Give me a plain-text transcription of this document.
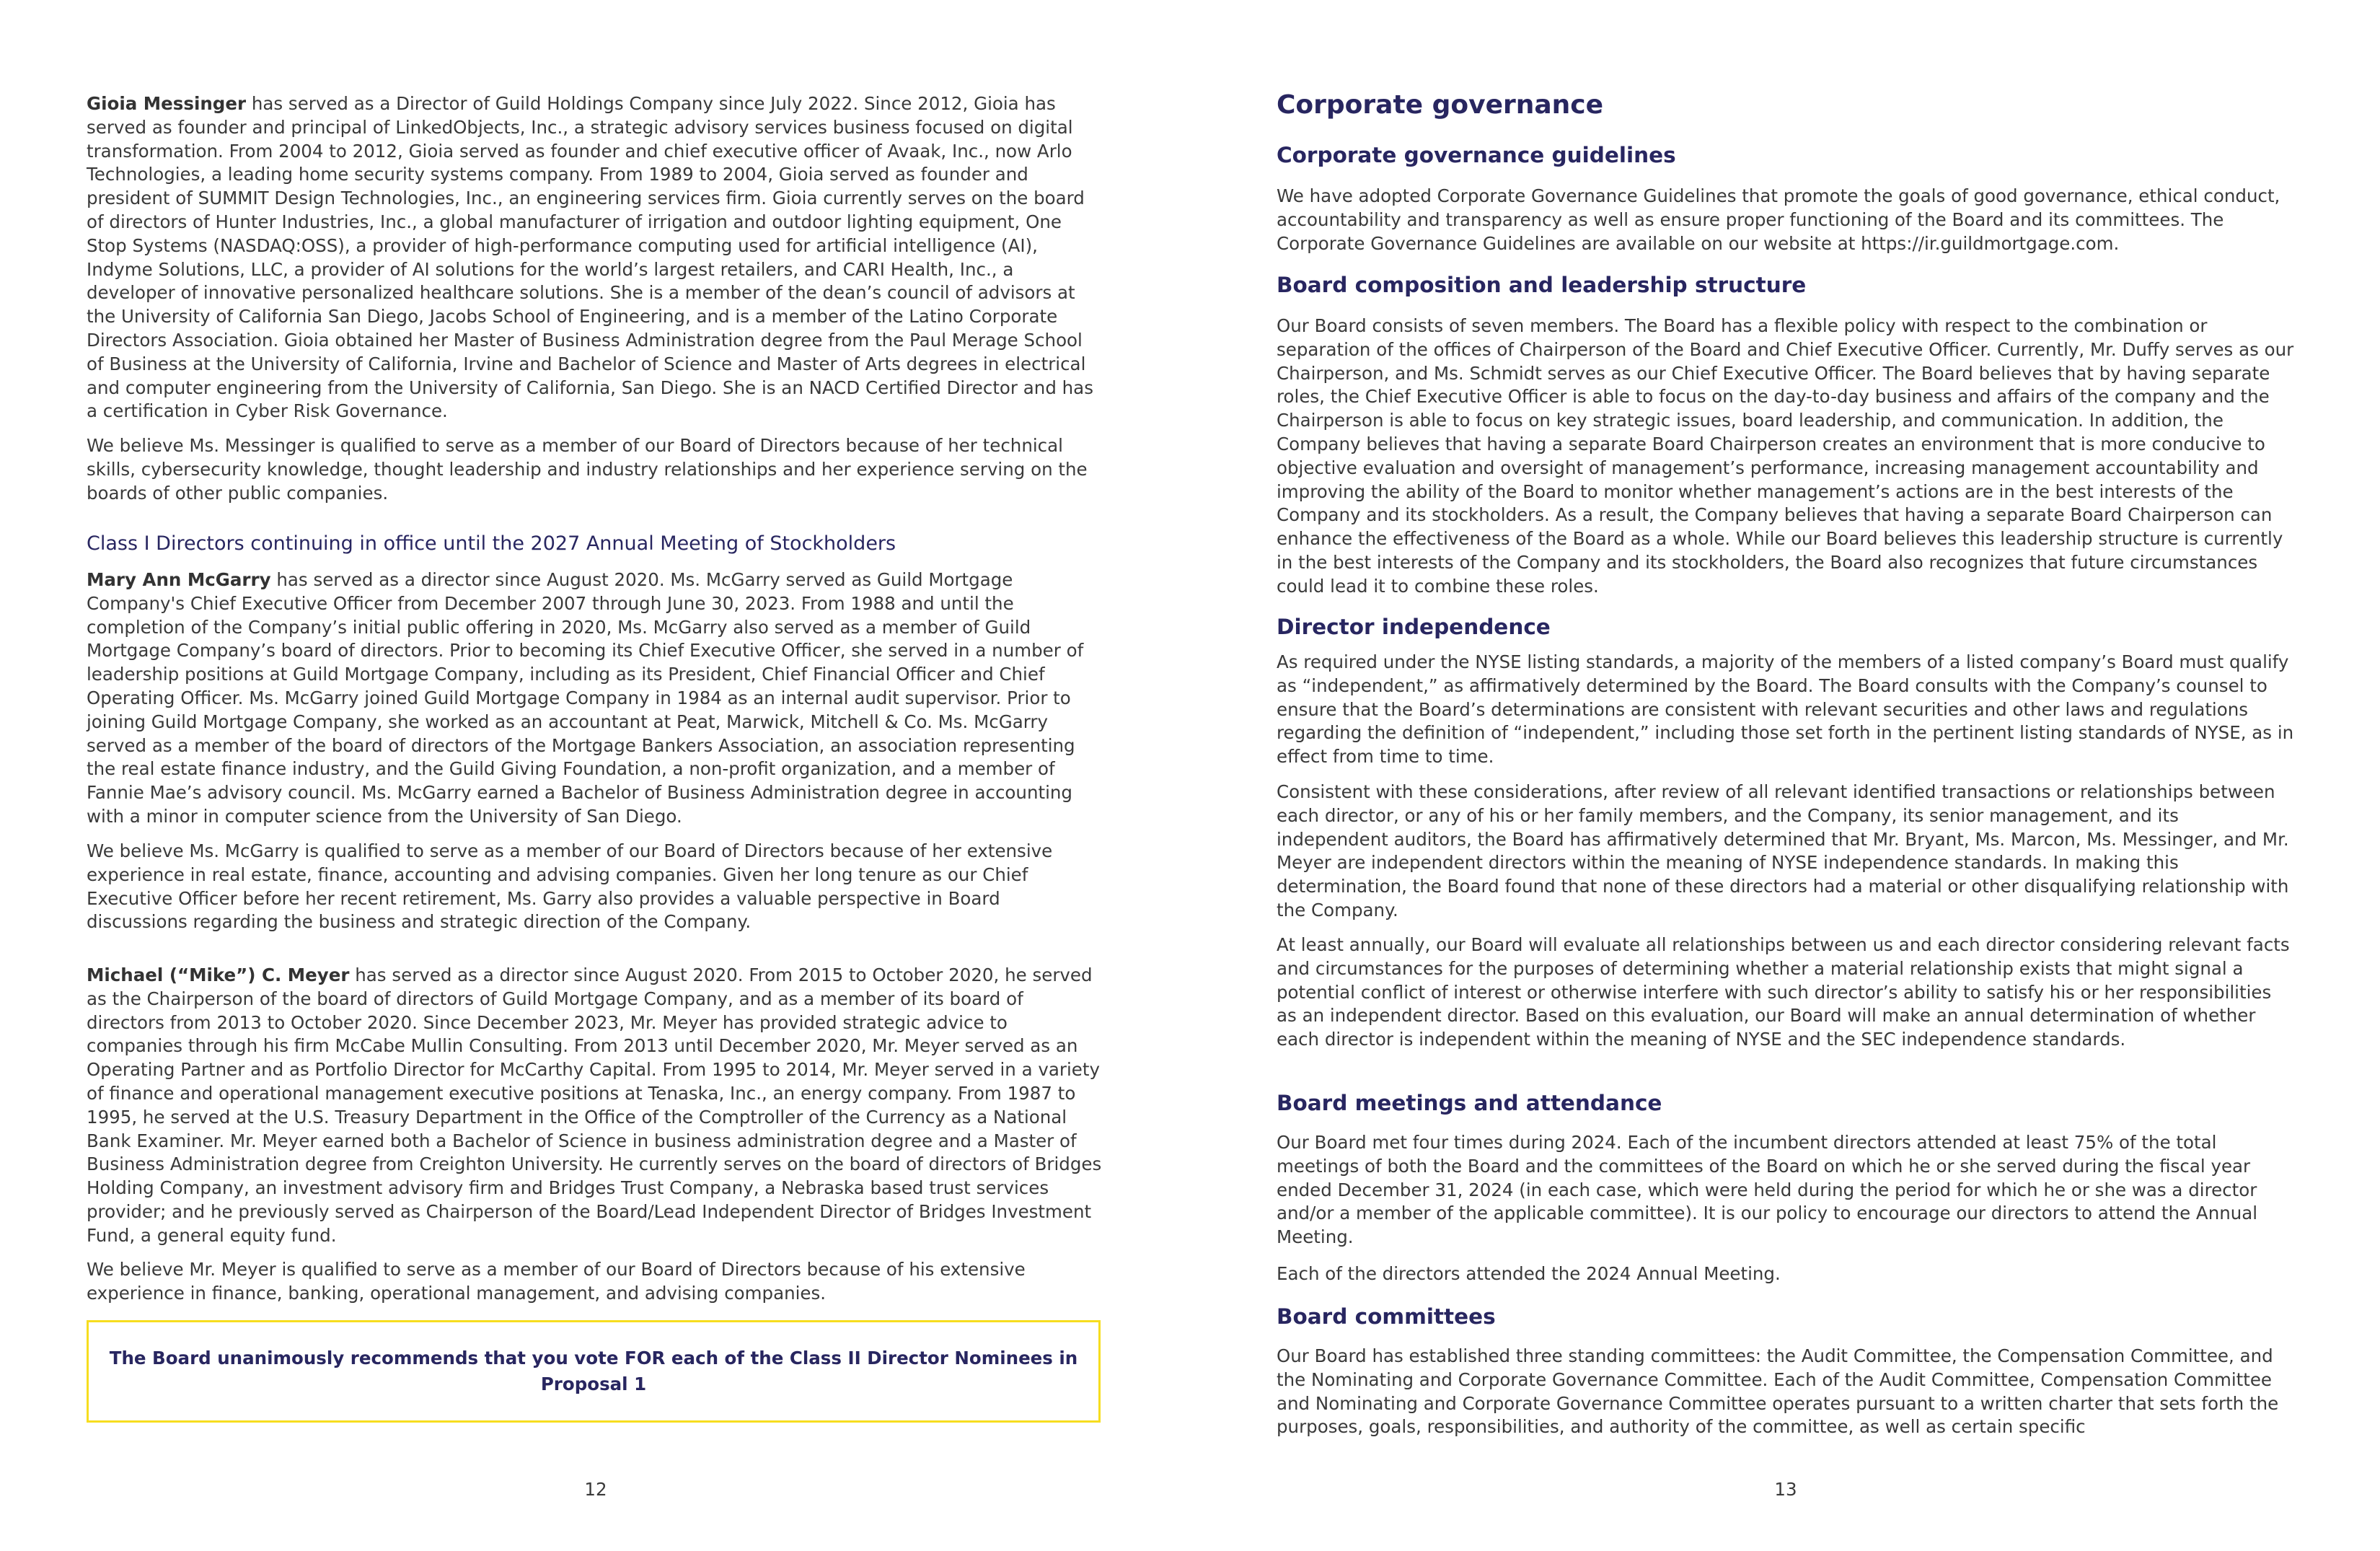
Gioia Messinger has served as a Director of Guild Holdings Company since July 2022. Since 2012, Gioia has served as founder and principal of LinkedObjects, Inc., a strategic advisory services business focused on digital transformation. From 2004 to 2012, Gioia served as founder and chief executive officer of Avaak, Inc., now Arlo Technologies, a leading home security systems company. From 1989 to 2004, Gioia served as founder and president of SUMMIT Design Technologies, Inc., an engineering services firm. Gioia currently serves on the board of directors of Hunter Industries, Inc., a global manufacturer of irrigation and outdoor lighting equipment, One Stop Systems (NASDAQ:OSS), a provider of high-performance computing used for artificial intelligence (AI), Indyme Solutions, LLC, a provider of AI solutions for the world’s largest retailers, and CARI Health, Inc., a developer of innovative personalized healthcare solutions. She is a member of the dean’s council of advisors at the University of California San Diego, Jacobs School of Engineering, and is a member of the Latino Corporate Directors Association. Gioia obtained her Master of Business Administration degree from the Paul Merage School of Business at the University of California, Irvine and Bachelor of Science and Master of Arts degrees in electrical and computer engineering from the University of California, San Diego. She is an NACD Certified Director and has a certification in Cyber Risk Governance.

We believe Ms. Messinger is qualified to serve as a member of our Board of Directors because of her technical skills, cybersecurity knowledge, thought leadership and industry relationships and her experience serving on the boards of other public companies.

Class I Directors continuing in office until the 2027 Annual Meeting of Stockholders

Mary Ann McGarry has served as a director since August 2020. Ms. McGarry served as Guild Mortgage Company's Chief Executive Officer from December 2007 through June 30, 2023. From 1988 and until the completion of the Company’s initial public offering in 2020, Ms. McGarry also served as a member of Guild Mortgage Company’s board of directors. Prior to becoming its Chief Executive Officer, she served in a number of leadership positions at Guild Mortgage Company, including as its President, Chief Financial Officer and Chief Operating Officer. Ms. McGarry joined Guild Mortgage Company in 1984 as an internal audit supervisor. Prior to joining Guild Mortgage Company, she worked as an accountant at Peat, Marwick, Mitchell & Co. Ms. McGarry served as a member of the board of directors of the Mortgage Bankers Association, an association representing the real estate finance industry, and the Guild Giving Foundation, a non-profit organization, and a member of Fannie Mae’s advisory council. Ms. McGarry earned a Bachelor of Business Administration degree in accounting with a minor in computer science from the University of San Diego.

We believe Ms. McGarry is qualified to serve as a member of our Board of Directors because of her extensive experience in real estate, finance, accounting and advising companies. Given her long tenure as our Chief Executive Officer before her recent retirement, Ms. Garry also provides a valuable perspective in Board discussions regarding the business and strategic direction of the Company.

Michael (“Mike”) C. Meyer has served as a director since August 2020. From 2015 to October 2020, he served as the Chairperson of the board of directors of Guild Mortgage Company, and as a member of its board of directors from 2013 to October 2020. Since December 2023, Mr. Meyer has provided strategic advice to companies through his firm McCabe Mullin Consulting. From 2013 until December 2020, Mr. Meyer served as an Operating Partner and as Portfolio Director for McCarthy Capital. From 1995 to 2014, Mr. Meyer served in a variety of finance and operational management executive positions at Tenaska, Inc., an energy company. From 1987 to 1995, he served at the U.S. Treasury Department in the Office of the Comptroller of the Currency as a National Bank Examiner. Mr. Meyer earned both a Bachelor of Science in business administration degree and a Master of Business Administration degree from Creighton University. He currently serves on the board of directors of Bridges Holding Company, an investment advisory firm and Bridges Trust Company, a Nebraska based trust services provider; and he previously served as Chairperson of the Board/Lead Independent Director of Bridges Investment Fund, a general equity fund.

We believe Mr. Meyer is qualified to serve as a member of our Board of Directors because of his extensive experience in finance, banking, operational management, and advising companies.

The Board unanimously recommends that you vote FOR each of the Class II Director Nominees in Proposal 1
12
Corporate governance
Corporate governance guidelines

We have adopted Corporate Governance Guidelines that promote the goals of good governance, ethical conduct, accountability and transparency as well as ensure proper functioning of the Board and its committees. The Corporate Governance Guidelines are available on our website at https://ir.guildmortgage.com.

Board composition and leadership structure

Our Board consists of seven members. The Board has a flexible policy with respect to the combination or separation of the offices of Chairperson of the Board and Chief Executive Officer. Currently, Mr. Duffy serves as our Chairperson, and Ms. Schmidt serves as our Chief Executive Officer. The Board believes that by having separate roles, the Chief Executive Officer is able to focus on the day-to-day business and affairs of the company and the Chairperson is able to focus on key strategic issues, board leadership, and communication. In addition, the Company believes that having a separate Board Chairperson creates an environment that is more conducive to objective evaluation and oversight of management’s performance, increasing management accountability and improving the ability of the Board to monitor whether management’s actions are in the best interests of the Company and its stockholders. As a result, the Company believes that having a separate Board Chairperson can enhance the effectiveness of the Board as a whole. While our Board believes this leadership structure is currently in the best interests of the Company and its stockholders, the Board also recognizes that future circumstances could lead it to combine these roles.

Director independence

As required under the NYSE listing standards, a majority of the members of a listed company’s Board must qualify as “independent,” as affirmatively determined by the Board. The Board consults with the Company’s counsel to ensure that the Board’s determinations are consistent with relevant securities and other laws and regulations regarding the definition of “independent,” including those set forth in the pertinent listing standards of NYSE, as in effect from time to time.

Consistent with these considerations, after review of all relevant identified transactions or relationships between each director, or any of his or her family members, and the Company, its senior management, and its independent auditors, the Board has affirmatively determined that Mr. Bryant, Ms. Marcon, Ms. Messinger, and Mr. Meyer are independent directors within the meaning of NYSE independence standards. In making this determination, the Board found that none of these directors had a material or other disqualifying relationship with the Company.

At least annually, our Board will evaluate all relationships between us and each director considering relevant facts and circumstances for the purposes of determining whether a material relationship exists that might signal a potential conflict of interest or otherwise interfere with such director’s ability to satisfy his or her responsibilities as an independent director. Based on this evaluation, our Board will make an annual determination of whether each director is independent within the meaning of NYSE and the SEC independence standards.

Board meetings and attendance

Our Board met four times during 2024. Each of the incumbent directors attended at least 75% of the total meetings of both the Board and the committees of the Board on which he or she served during the fiscal year ended December 31, 2024 (in each case, which were held during the period for which he or she was a director and/or a member of the applicable committee). It is our policy to encourage our directors to attend the Annual Meeting.

Each of the directors attended the 2024 Annual Meeting.

Board committees

Our Board has established three standing committees: the Audit Committee, the Compensation Committee, and the Nominating and Corporate Governance Committee. Each of the Audit Committee, Compensation Committee and Nominating and Corporate Governance Committee operates pursuant to a written charter that sets forth the purposes, goals, responsibilities, and authority of the committee, as well as certain specific

13
